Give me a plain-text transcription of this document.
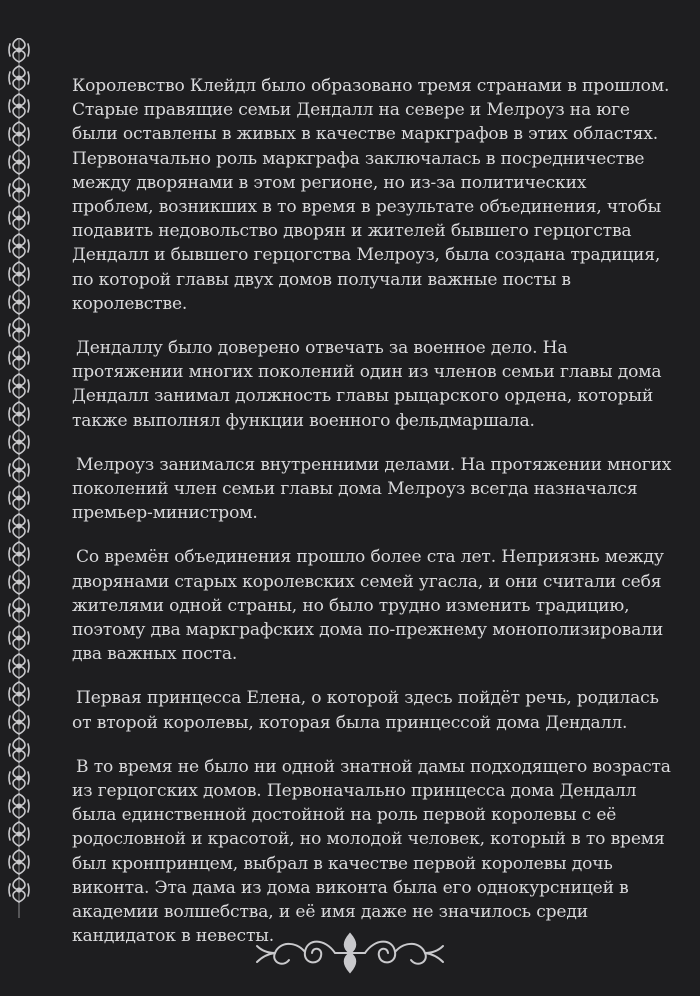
Королевство Клейдл было образовано тремя странами в прошлом. Старые правящие семьи Дендалл на севере и Мелроуз на юге были оставлены в живых в качестве маркграфов в этих областях. Первоначально роль маркграфа заключалась в посредничестве между дворянами в этом регионе, но из-за политических проблем, возникших в то время в результате объединения, чтобы подавить недовольство дворян и жителей бывшего герцогства Дендалл и бывшего герцогства Мелроуз, была создана традиция, по которой главы двух домов получали важные посты в королевстве.

Дендаллу было доверено отвечать за военное дело. На протяжении многих поколений один из членов семьи главы дома Дендалл занимал должность главы рыцарского ордена, который также выполнял функции военного фельдмаршала.

Мелроуз занимался внутренними делами. На протяжении многих поколений член семьи главы дома Мелроуз всегда назначался премьер-министром.

Со времён объединения прошло более ста лет. Неприязнь между дворянами старых королевских семей угасла, и они считали себя жителями одной страны, но было трудно изменить традицию, поэтому два маркграфских дома по-прежнему монополизировали два важных поста.

Первая принцесса Елена, о которой здесь пойдёт речь, родилась от второй королевы, которая была принцессой дома Дендалл.

В то время не было ни одной знатной дамы подходящего возраста из герцогских домов. Первоначально принцесса дома Дендалл была единственной достойной на роль первой королевы с её родословной и красотой, но молодой человек, который в то время был кронпринцем, выбрал в качестве первой королевы дочь виконта. Эта дама из дома виконта была его однокурсницей в академии волшебства, и её имя даже не значилось среди кандидаток в невесты.
